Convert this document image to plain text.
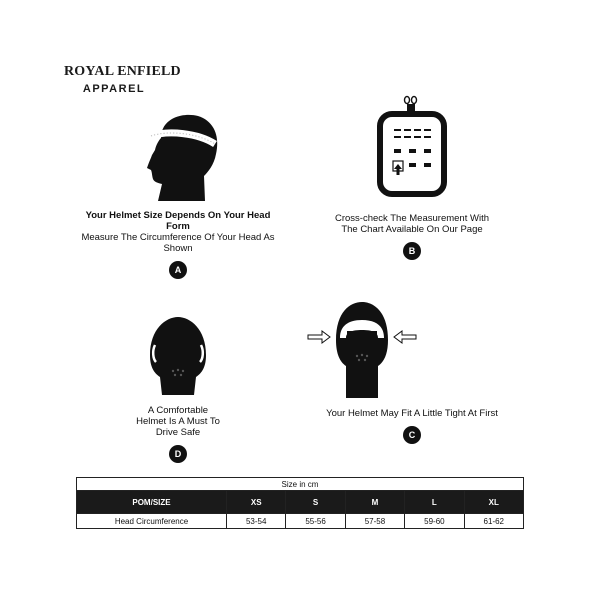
ROYAL ENFIELD
APPAREL
Your Helmet Size Depends On Your Head Form
Measure The Circumference Of Your Head As Shown
A
Cross-check The Measurement With The Chart Available On Our Page
B
A Comfortable Helmet Is A Must To Drive Safe
D
Your Helmet May Fit A Little Tight At First
C
Size in cm					
POM/SIZE	XS	S	M	L	XL
Head Circumference	53-54	55-56	57-58	59-60	61-62
